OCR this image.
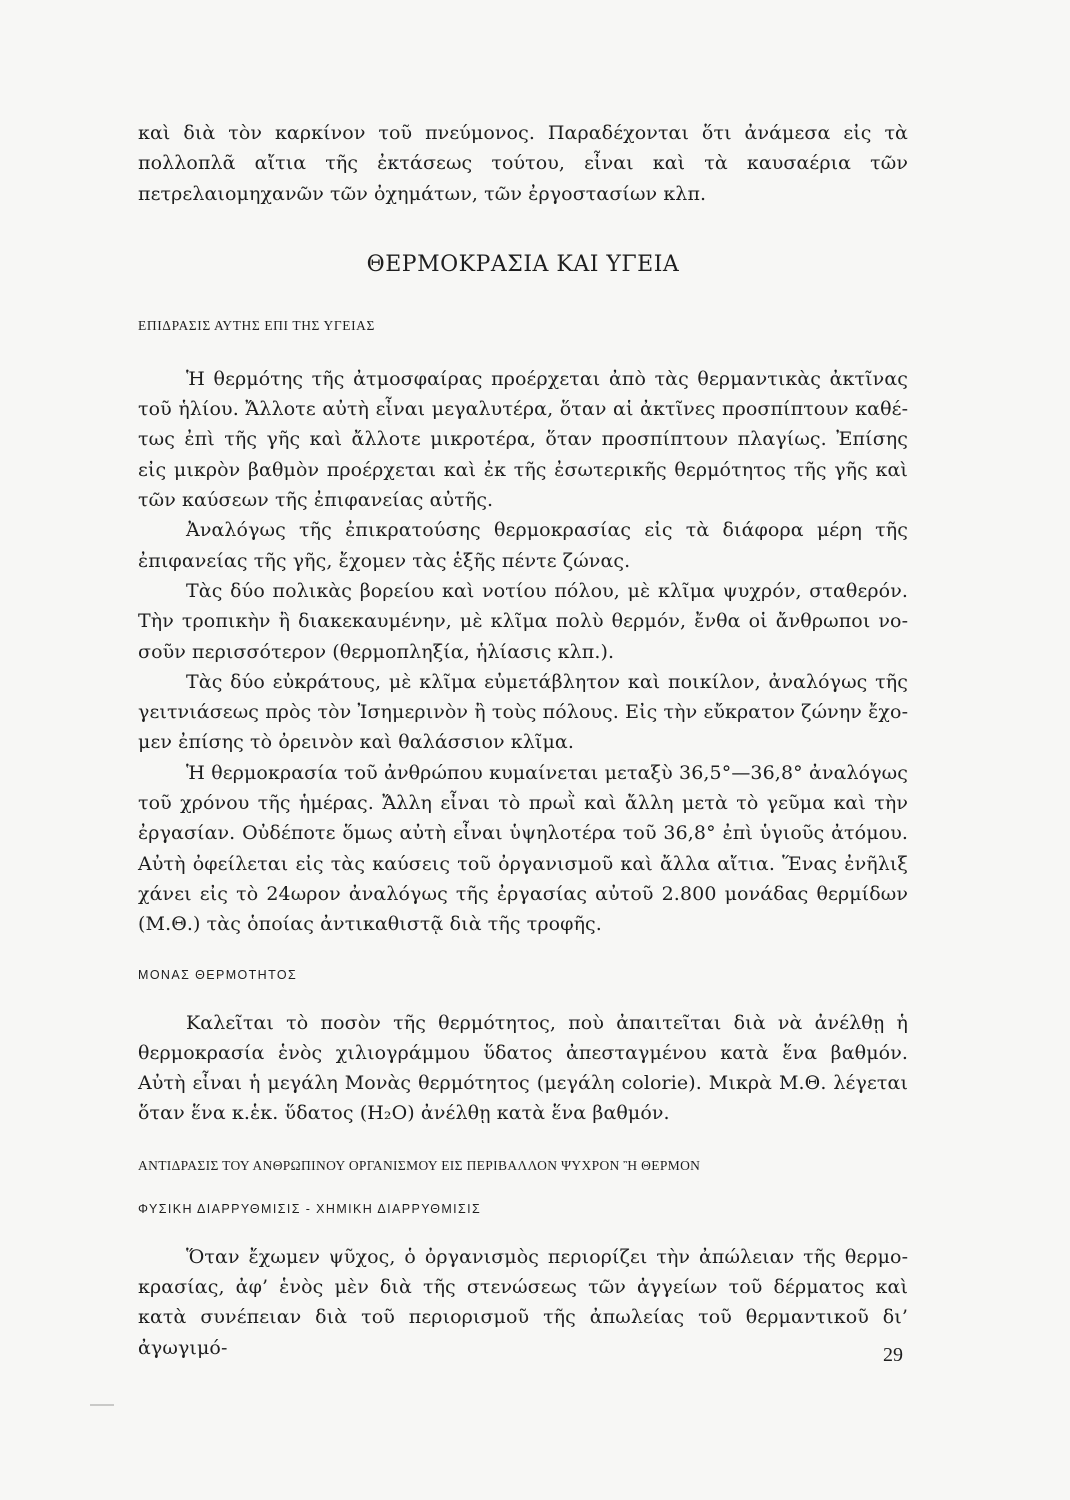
καὶ διὰ τὸν καρκίνον τοῦ πνεύμονος. Παραδέχονται ὅτι ἀνάμεσα εἰς τὰ πολλοπλᾶ αἴτια τῆς ἐκτάσεως τούτου, εἶναι καὶ τὰ καυσαέρια τῶν πετρελαιομηχανῶν τῶν ὀχημάτων, τῶν ἐργοστασίων κλπ.

ΘΕΡΜΟΚΡΑΣΙΑ ΚΑΙ ΥΓΕΙΑ
ΕΠΙΔΡΑΣΙΣ ΑΥΤΗΣ ΕΠΙ ΤΗΣ ΥΓΕΙΑΣ

Ἡ θερμότης τῆς ἀτμοσφαίρας προέρχεται ἀπὸ τὰς θερμαντικὰς ἀκτῖνας τοῦ ἡλίου. Ἄλλοτε αὐτὴ εἶναι μεγαλυτέρα, ὅταν αἱ ἀκτῖνες προσπίπτουν καθέτως ἐπὶ τῆς γῆς καὶ ἄλλοτε μικροτέρα, ὅταν προσπίπτουν πλαγίως. Ἐπίσης εἰς μικρὸν βαθμὸν προέρχεται καὶ ἐκ τῆς ἐσωτερικῆς θερμότητος τῆς γῆς καὶ τῶν καύσεων τῆς ἐπιφανείας αὐτῆς.

Ἀναλόγως τῆς ἐπικρατούσης θερμοκρασίας εἰς τὰ διάφορα μέρη τῆς ἐπιφανείας τῆς γῆς, ἔχομεν τὰς ἑξῆς πέντε ζώνας.

Τὰς δύο πολικὰς βορείου καὶ νοτίου πόλου, μὲ κλῖμα ψυχρόν, σταθερόν. Τὴν τροπικὴν ἢ διακεκαυμένην, μὲ κλῖμα πολὺ θερμόν, ἔνθα οἱ ἄνθρωποι νοσοῦν περισσότερον (θερμοπληξία, ἡλίασις κλπ.).

Τὰς δύο εὐκράτους, μὲ κλῖμα εὐμετάβλητον καὶ ποικίλον, ἀναλόγως τῆς γειτνιάσεως πρὸς τὸν Ἰσημερινὸν ἢ τοὺς πόλους. Εἰς τὴν εὔκρατον ζώνην ἔχομεν ἐπίσης τὸ ὀρεινὸν καὶ θαλάσσιον κλῖμα.

Ἡ θερμοκρασία τοῦ ἀνθρώπου κυμαίνεται μεταξὺ 36,5°—36,8° ἀναλόγως τοῦ χρόνου τῆς ἡμέρας. Ἄλλη εἶναι τὸ πρωῒ καὶ ἄλλη μετὰ τὸ γεῦμα καὶ τὴν ἐργασίαν. Οὐδέποτε ὅμως αὐτὴ εἶναι ὑψηλοτέρα τοῦ 36,8° ἐπὶ ὑγιοῦς ἀτόμου. Αὐτὴ ὀφείλεται εἰς τὰς καύσεις τοῦ ὀργανισμοῦ καὶ ἄλλα αἴτια. Ἕνας ἐνῆλιξ χάνει εἰς τὸ 24ωρον ἀναλόγως τῆς ἐργασίας αὐτοῦ 2.800 μονάδας θερμίδων (Μ.Θ.) τὰς ὁποίας ἀντικαθιστᾷ διὰ τῆς τροφῆς.

ΜΟΝΑΣ ΘΕΡΜΟΤΗΤΟΣ

Καλεῖται τὸ ποσὸν τῆς θερμότητος, ποὺ ἀπαιτεῖται διὰ νὰ ἀνέλθῃ ἡ θερμοκρασία ἑνὸς χιλιογράμμου ὕδατος ἀπεσταγμένου κατὰ ἕνα βαθμόν. Αὐτὴ εἶναι ἡ μεγάλη Μονὰς θερμότητος (μεγάλη colorie). Μικρὰ Μ.Θ. λέγεται ὅταν ἕνα κ.ἑκ. ὕδατος (H₂O) ἀνέλθῃ κατὰ ἕνα βαθμόν.

ΑΝΤΙΔΡΑΣΙΣ ΤΟΥ ΑΝΘΡΩΠΙΝΟΥ ΟΡΓΑΝΙΣΜΟΥ ΕΙΣ ΠΕΡΙΒΑΛΛΟΝ ΨΥΧΡΟΝ Ἢ ΘΕΡΜΟΝ
ΦΥΣΙΚΗ ΔΙΑΡΡΥΘΜΙΣΙΣ - ΧΗΜΙΚΗ ΔΙΑΡΡΥΘΜΙΣΙΣ

Ὅταν ἔχωμεν ψῦχος, ὁ ὀργανισμὸς περιορίζει τὴν ἀπώλειαν τῆς θερμοκρασίας, ἀφ’ ἑνὸς μὲν διὰ τῆς στενώσεως τῶν ἀγγείων τοῦ δέρματος καὶ κατὰ συνέπειαν διὰ τοῦ περιορισμοῦ τῆς ἀπωλείας τοῦ θερμαντικοῦ δι’ ἀγωγιμό-	29
